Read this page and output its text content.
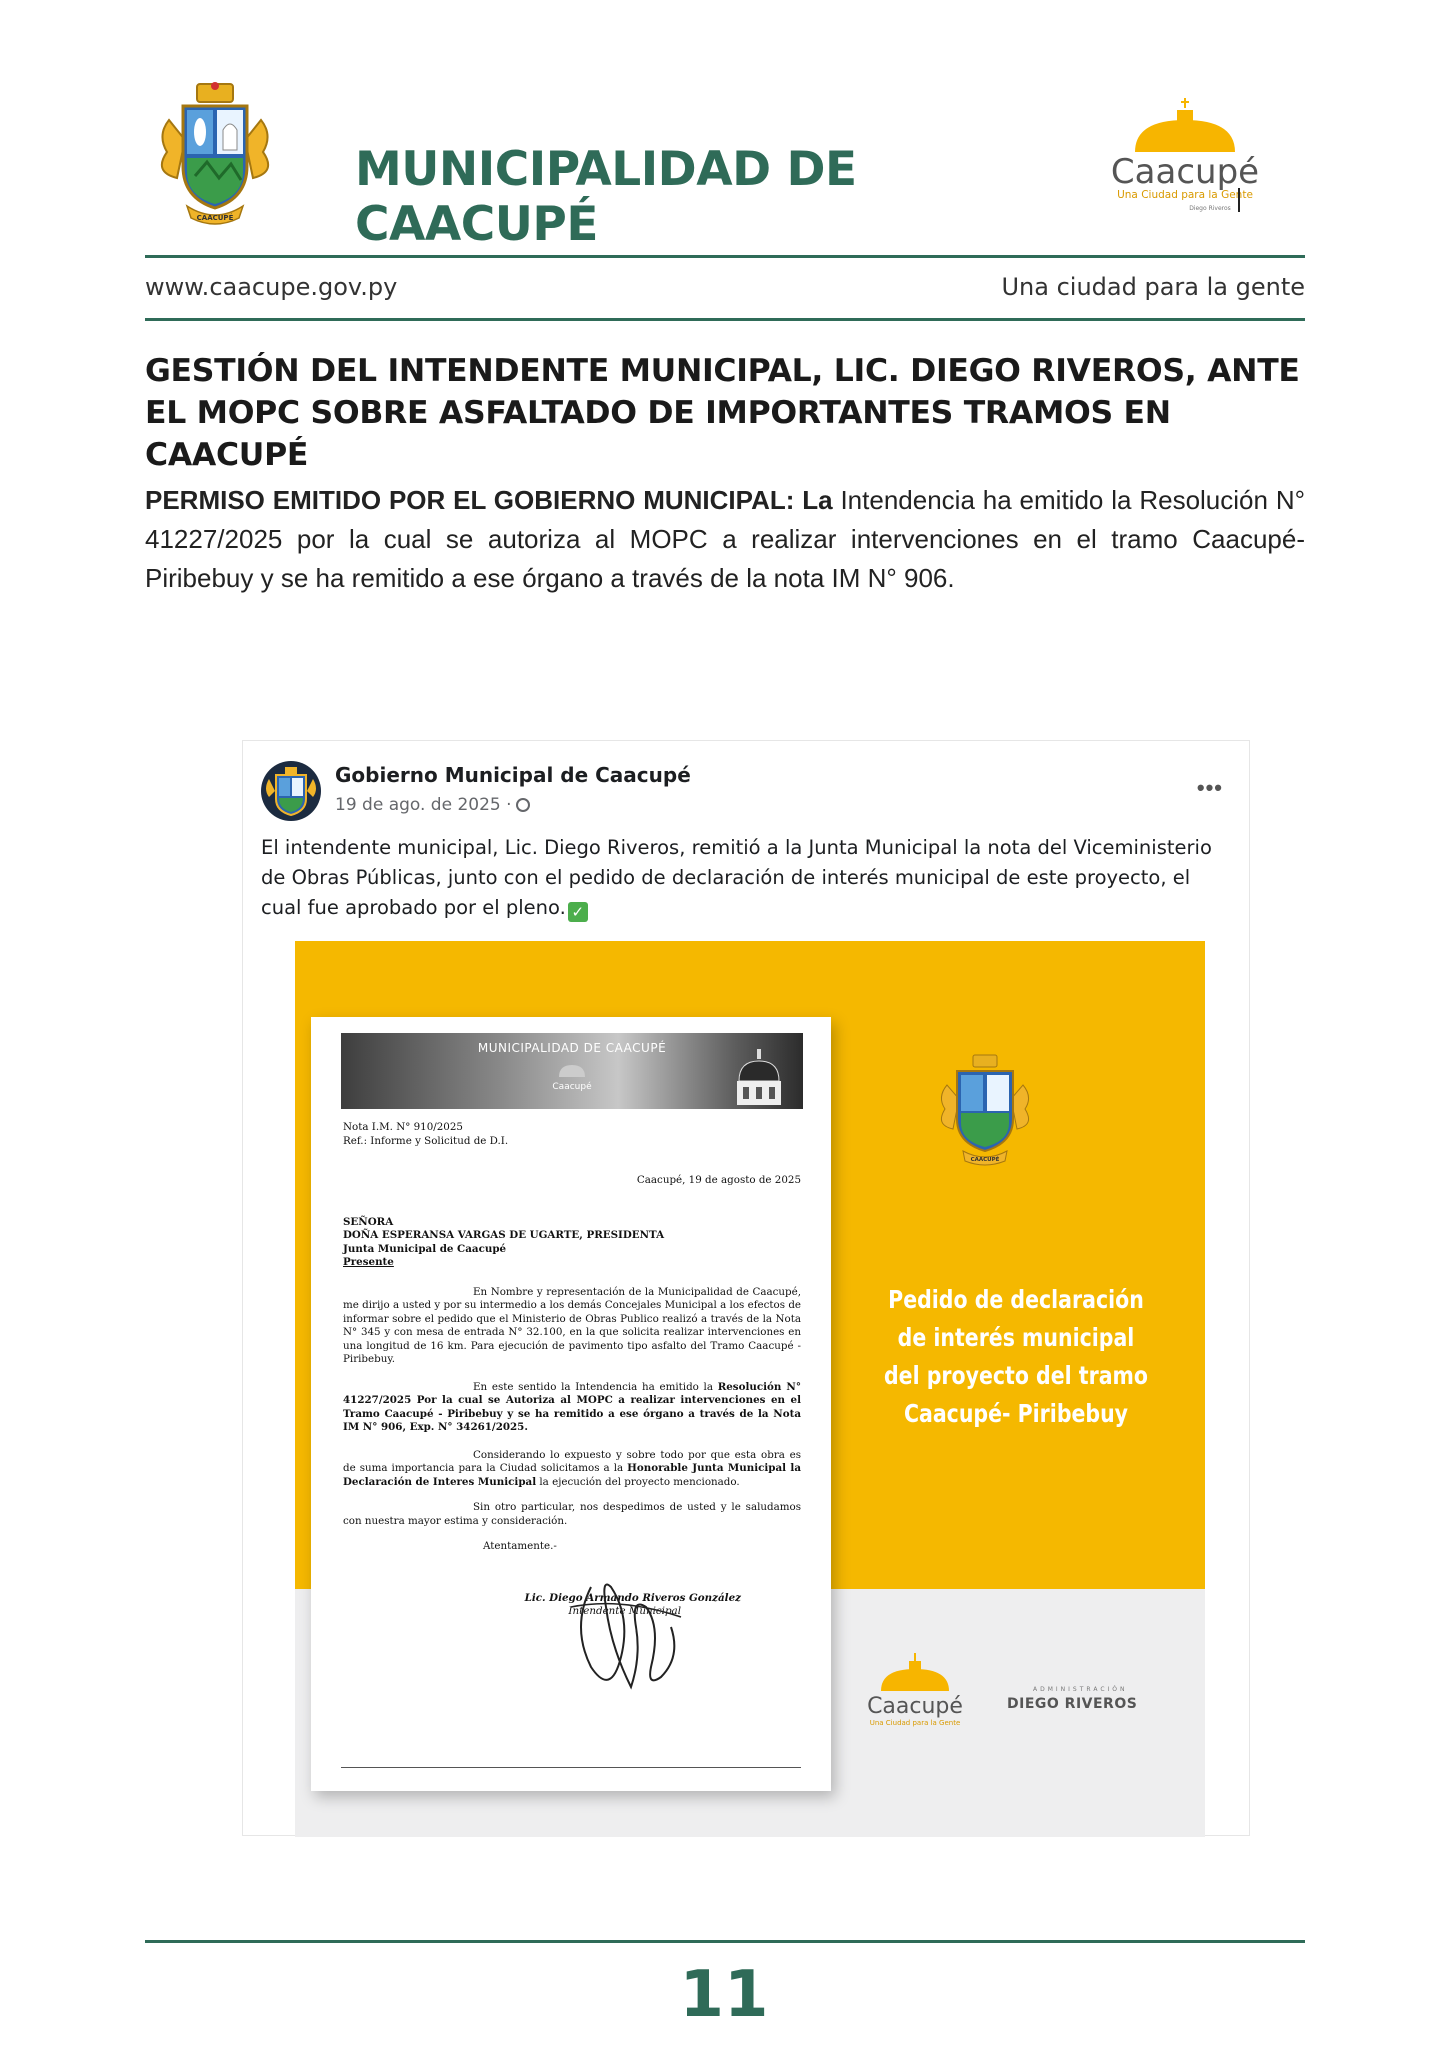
CAACUPÉ
MUNICIPALIDAD DE CAACUPÉ
Caacupé
Una Ciudad para la Gente
Diego Riveros
www.caacupe.gov.py	Una ciudad para la gente
GESTIÓN DEL INTENDENTE MUNICIPAL, LIC. DIEGO RIVEROS, ANTE EL MOPC SOBRE ASFALTADO DE IMPORTANTES TRAMOS EN CAACUPÉ

PERMISO EMITIDO POR EL GOBIERNO MUNICIPAL: La Intendencia ha emitido la Resolución N° 41227/2025 por la cual se autoriza al MOPC a realizar intervenciones en el tramo Caacupé-Piribebuy y se ha remitido a ese órgano a través de la nota IM N° 906.

Gobierno Municipal de Caacupé
19 de ago. de 2025 ·
•••
El intendente municipal, Lic. Diego Riveros, remitió a la Junta Municipal la nota del Viceministerio de Obras Públicas, junto con el pedido de declaración de interés municipal de este proyecto, el cual fue aprobado por el pleno. ✓
MUNICIPALIDAD DE CAACUPÉ
Caacupé
Nota I.M. N° 910/2025
Ref.: Informe y Solicitud de D.I.
Caacupé, 19 de agosto de 2025
SEÑORA
DOÑA ESPERANSA VARGAS DE UGARTE, PRESIDENTA
Junta Municipal de Caacupé
Presente
En Nombre y representación de la Municipalidad de Caacupé, me dirijo a usted y por su intermedio a los demás Concejales Municipal a los efectos de informar sobre el pedido que el Ministerio de Obras Publico realizó a través de la Nota N° 345 y con mesa de entrada N° 32.100, en la que solicita realizar intervenciones en una longitud de 16 km. Para ejecución de pavimento tipo asfalto del Tramo Caacupé - Piribebuy.
En este sentido la Intendencia ha emitido la Resolución N° 41227/2025 Por la cual se Autoriza al MOPC a realizar intervenciones en el Tramo Caacupé - Piribebuy y se ha remitido a ese órgano a través de la Nota IM N° 906, Exp. N° 34261/2025.
Considerando lo expuesto y sobre todo por que esta obra es de suma importancia para la Ciudad solicitamos a la Honorable Junta Municipal la Declaración de Interes Municipal la ejecución del proyecto mencionado.
Sin otro particular, nos despedimos de usted y le saludamos con nuestra mayor estima y consideración.
Atentamente.-
Lic. Diego Armando Riveros González
Intendente Municipal
CAACUPÉ
Pedido de declaración de interés municipal del proyecto del tramo Caacupé- Piribebuy
Caacupé
Una Ciudad para la Gente
ADMINISTRACIÓN
DIEGO RIVEROS
11
